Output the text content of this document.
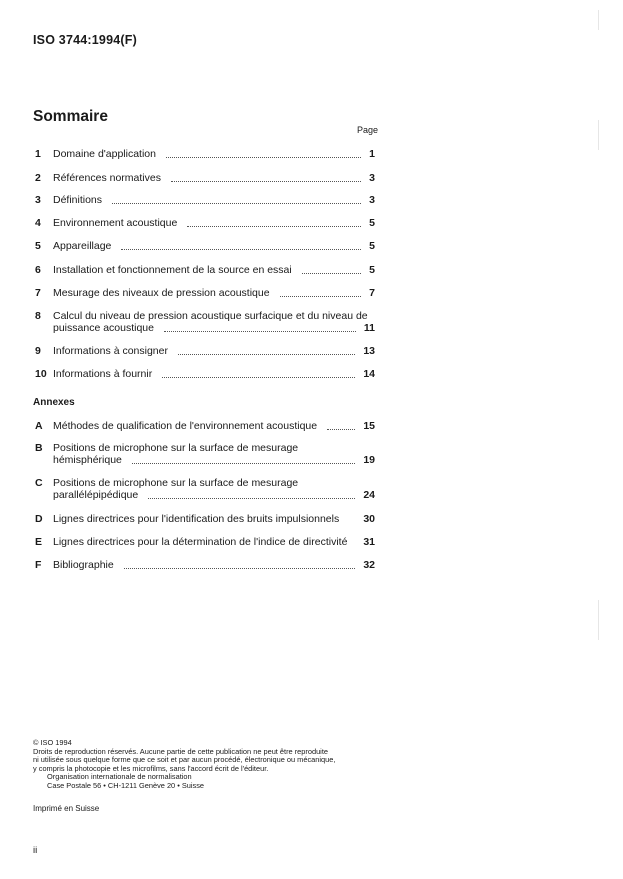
ISO 3744:1994(F)
Sommaire
Page
1 Domaine d'application	1
2 Références normatives	3
3 Définitions	3
4 Environnement acoustique	5
5 Appareillage	5
6 Installation et fonctionnement de la source en essai	5
7 Mesurage des niveaux de pression acoustique	7
8 Calcul du niveau de pression acoustique surfacique et du niveau de
puissance acoustique	11
9 Informations à consigner	13
10 Informations à fournir	14
A Méthodes de qualification de l'environnement acoustique	15
B Positions de microphone sur la surface de mesurage
hémisphérique	19
C Positions de microphone sur la surface de mesurage
parallélépipédique	24
D Lignes directrices pour l'identification des bruits impulsionnels 30
E Lignes directrices pour la détermination de l'indice de directivité 31
F Bibliographie	32
Annexes

© ISO 1994

Droits de reproduction réservés. Aucune partie de cette publication ne peut être reproduite

ni utilisée sous quelque forme que ce soit et par aucun procédé, électronique ou mécanique,

y compris la photocopie et les microfilms, sans l'accord écrit de l'éditeur.

Organisation internationale de normalisation

Case Postale 56 • CH-1211 Genève 20 • Suisse

Imprimé en Suisse
ii
